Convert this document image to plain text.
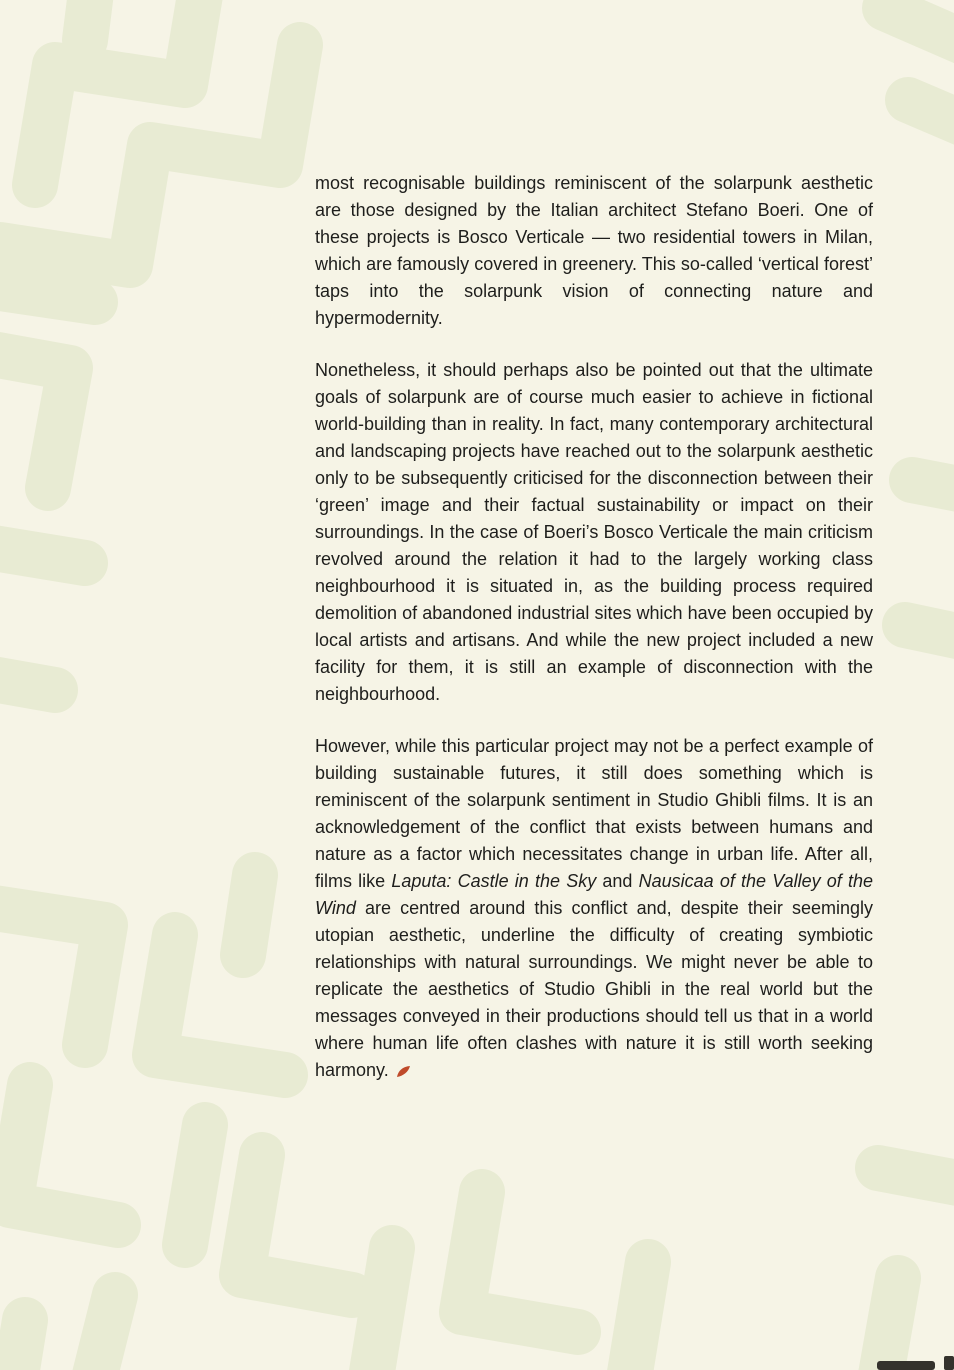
most recognisable buildings reminiscent of the solarpunk aesthetic are those designed by the Italian architect Stefano Boeri. One of these projects is Bosco Verticale — two residential towers in Milan, which are famously covered in greenery. This so-called ‘vertical forest’ taps into the solarpunk vision of connecting nature and hypermodernity.

Nonetheless, it should perhaps also be pointed out that the ultimate goals of solarpunk are of course much easier to achieve in fictional world-building than in reality. In fact, many contemporary architectural and landscaping projects have reached out to the solarpunk aesthetic only to be subsequently criticised for the disconnection between their ‘green’ image and their factual sustainability or impact on their surroundings. In the case of Boeri’s Bosco Verticale the main criticism revolved around the relation it had to the largely working class neighbourhood it is situated in, as the building process required demolition of abandoned industrial sites which have been occupied by local artists and artisans. And while the new project included a new facility for them, it is still an example of disconnection with the neighbourhood.

However, while this particular project may not be a perfect example of building sustainable futures, it still does something which is reminiscent of the solarpunk sentiment in Studio Ghibli films. It is an acknowledgement of the conflict that exists between humans and nature as a factor which necessitates change in urban life. After all, films like Laputa: Castle in the Sky and Nausicaa of the Valley of the Wind are centred around this conflict and, despite their seemingly utopian aesthetic, underline the difficulty of creating symbiotic relationships with natural surroundings. We might never be able to replicate the aesthetics of Studio Ghibli in the real world but the messages conveyed in their productions should tell us that in a world where human life often clashes with nature it is still worth seeking harmony.
